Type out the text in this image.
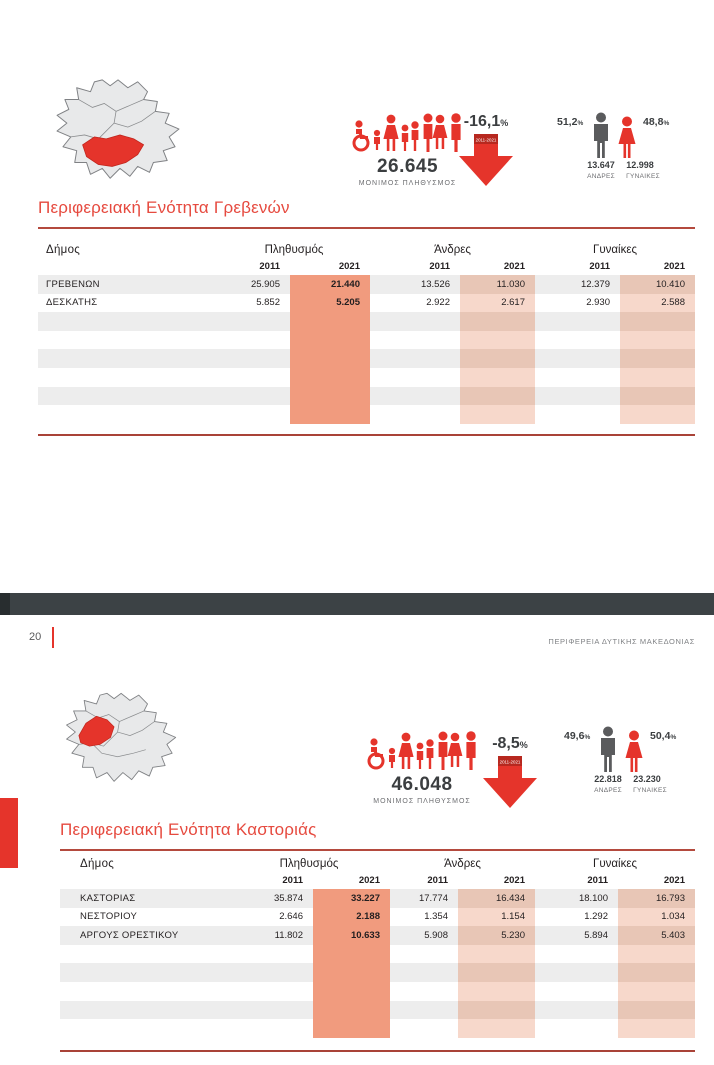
26.645
ΜΟΝΙΜΟΣ ΠΛΗΘΥΣΜΟΣ
-16,1%
2011-2021
51,2%	48,8%
13.647	12.998
ΑΝΔΡΕΣ	ΓΥΝΑΙΚΕΣ
Περιφερειακή Ενότητα Γρεβενών
Δήμος	Πληθυσμός		Άνδρες		Γυναίκες	
	2011	2021	2011	2021	2011	2021
ΓΡΕΒΕΝΩΝ	25.905	21.440	13.526	11.030	12.379	10.410
ΔΕΣΚΑΤΗΣ	5.852	5.205	2.922	2.617	2.930	2.588

20	ΠΕΡΙΦΕΡΕΙΑ ΔΥΤΙΚΗΣ ΜΑΚΕΔΟΝΙΑΣ
46.048
ΜΟΝΙΜΟΣ ΠΛΗΘΥΣΜΟΣ
-8,5%
2011-2021
49,6%	50,4%
22.818	23.230
ΑΝΔΡΕΣ	ΓΥΝΑΙΚΕΣ
Περιφερειακή Ενότητα Καστοριάς
Δήμος	Πληθυσμός		Άνδρες		Γυναίκες	
	2011	2021	2011	2021	2011	2021
ΚΑΣΤΟΡΙΑΣ	35.874	33.227	17.774	16.434	18.100	16.793
ΝΕΣΤΟΡΙΟΥ	2.646	2.188	1.354	1.154	1.292	1.034
ΑΡΓΟΥΣ ΟΡΕΣΤΙΚΟΥ	11.802	10.633	5.908	5.230	5.894	5.403
